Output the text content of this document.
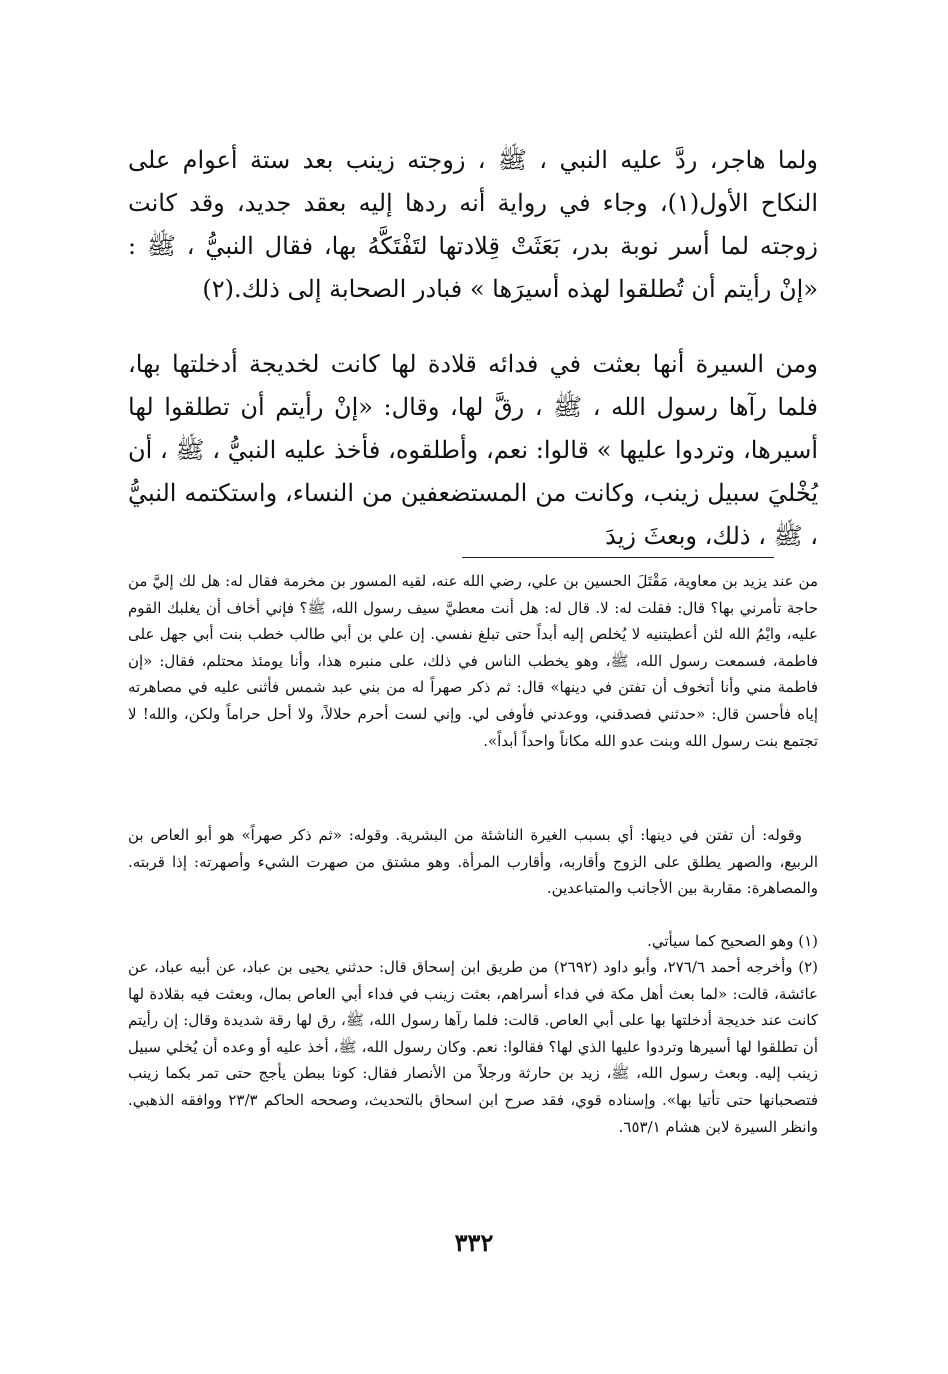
ولما هاجر، ردَّ عليه النبي ، ﷺ ، زوجته زينب بعد ستة أعوام على النكاح الأول(١)، وجاء في رواية أنه ردها إليه بعقد جديد، وقد كانت زوجته لما أسر نوبة بدر، بَعَثَتْ قِلادتها لتَفْتَكَّهُ بها، فقال النبيُّ ، ﷺ : «إنْ رأيتم أن تُطلقوا لهذه أسيرَها » فبادر الصحابة إلى ذلك.(٢)

ومن السيرة أنها بعثت في فدائه قلادة لها كانت لخديجة أدخلتها بها، فلما رآها رسول الله ، ﷺ ، رقَّ لها، وقال: «إنْ رأيتم أن تطلقوا لها أسيرها، وتردوا عليها » قالوا: نعم، وأطلقوه، فأخذ عليه النبيُّ ، ﷺ ، أن يُخْليَ سبيل زينب، وكانت من المستضعفين من النساء، واستكتمه النبيُّ ، ﷺ ، ذلك، وبعثَ زيدَ

من عند يزيد بن معاوية، مَقْتَلَ الحسين بن علي، رضي الله عنه، لقيه المسور بن مخرمة فقال له: هل لك إليَّ من حاجة تأمرني بها؟ قال: فقلت له: لا. قال له: هل أنت معطيَّ سيف رسول الله، ﷺ؟ فإني أخاف أن يغلبك القوم عليه، وايْمُ الله لئن أعطيتنيه لا يُخلص إليه أبداً حتى تبلغ نفسي. إن علي بن أبي طالب خطب بنت أبي جهل على فاطمة، فسمعت رسول الله، ﷺ، وهو يخطب الناس في ذلك، على منبره هذا، وأنا يومئذ محتلم، فقال: «إن فاطمة مني وأنا أتخوف أن تفتن في دينها» قال: ثم ذكر صهراً له من بني عبد شمس فأثنى عليه في مصاهرته إياه فأحسن قال: «حدثني فصدقني، ووعدني فأوفى لي. وإني لست أحرم حلالاً، ولا أحل حراماً ولكن، والله! لا تجتمع بنت رسول الله وبنت عدو الله مكاناً واحداً أبداً».

وقوله: أن تفتن في دينها: أي بسبب الغيرة الناشئة من البشرية. وقوله: «ثم ذكر صهراً» هو أبو العاص بن الربيع، والصهر يطلق على الزوج وأقاربه، وأقارب المرأة. وهو مشتق من صهرت الشيء وأصهرته: إذا قربته. والمصاهرة: مقاربة بين الأجانب والمتباعدين.

(١) وهو الصحيح كما سيأتي.

(٢) وأخرجه أحمد ٢٧٦/٦، وأبو داود (٢٦٩٢) من طريق ابن إسحاق قال: حدثني يحيى بن عباد، عن أبيه عباد، عن عائشة، قالت: «لما بعث أهل مكة في فداء أسراهم، بعثت زينب في فداء أبي العاص بمال، وبعثت فيه بقلادة لها كانت عند خديجة أدخلتها بها على أبي العاص. قالت: فلما رآها رسول الله، ﷺ، رق لها رقة شديدة وقال: إن رأيتم أن تطلقوا لها أسيرها وتردوا عليها الذي لها؟ فقالوا: نعم. وكان رسول الله، ﷺ، أخذ عليه أو وعده أن يُخلي سبيل زينب إليه. وبعث رسول الله، ﷺ، زيد بن حارثة ورجلاً من الأنصار فقال: كونا ببطن يأجج حتى تمر بكما زينب فتصحبانها حتى تأتيا بها». وإسناده قوي، فقد صرح ابن اسحاق بالتحديث، وصححه الحاكم ٢٣/٣ ووافقه الذهبي. وانظر السيرة لابن هشام ٦٥٣/١.

٣٣٢
